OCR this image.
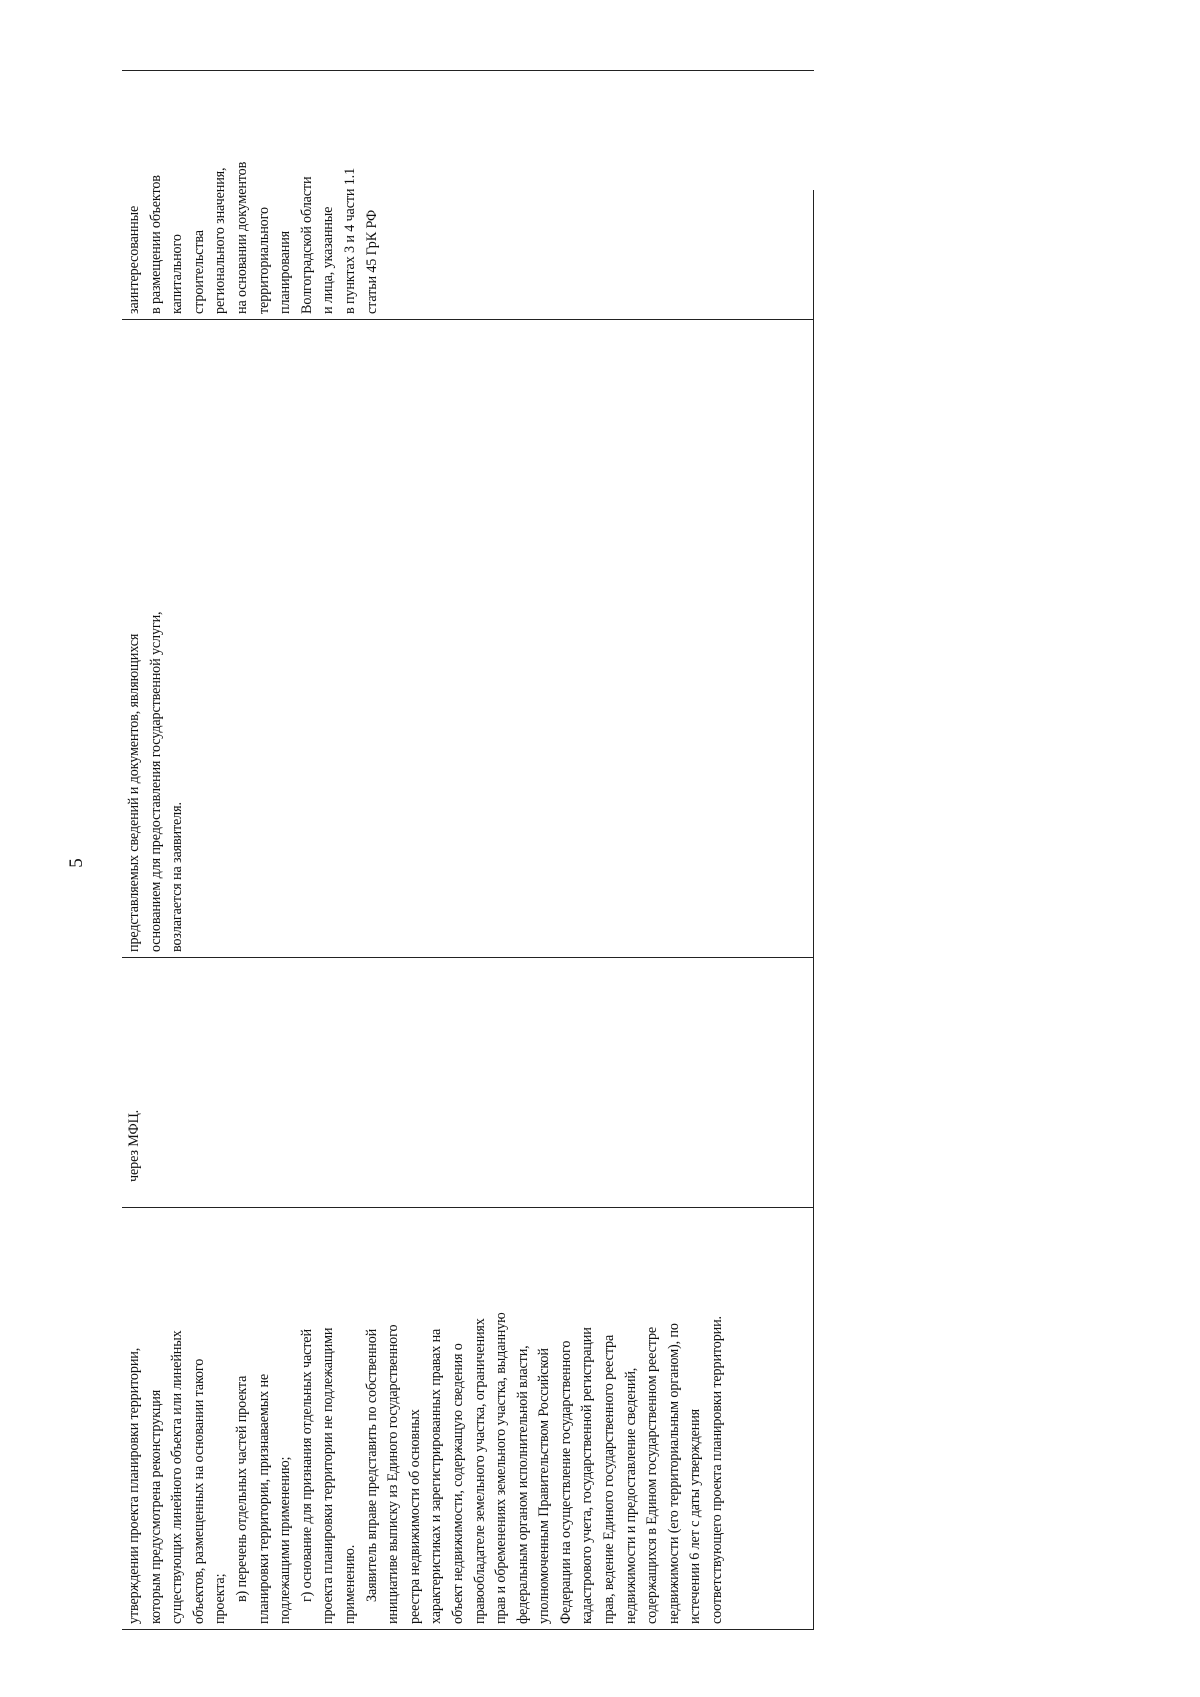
5
утверждении проекта планировки территории, которым предусмотрена реконструкция существующих линейного объекта или линейных объектов, размещенных на основании такого проекта; в) перечень отдельных частей проекта планировки территории, признаваемых не подлежащими применению; г) основание для признания отдельных частей проекта планировки территории не подлежащими применению. Заявитель вправе представить по собственной инициативе выписку из Единого государственного реестра недвижимости об основных характеристиках и зарегистрированных правах на объект недвижимости, содержащую сведения о правообладателе земельного участка, ограничениях прав и обременениях земельного участка, выданную федеральным органом исполнительной власти, уполномоченным Правительством Российской Федерации на осуществление государственного кадастрового учета, государственной регистрации прав, ведение Единого государственного реестра недвижимости и предоставление сведений, содержащихся в Едином государственном реестре недвижимости (его территориальным органом), по истечении 6 лет с даты утверждения соответствующего проекта планировки территории.
через МФЦ.
представляемых сведений и документов, являющихся основанием для предоставления государственной услуги, возлагается на заявителя.
заинтересованные в размещении объектов капитального строительства регионального значения, на основании документов территориального планирования Волгоградской области и лица, указанные в пунктах 3 и 4 части 1.1 статьи 45 ГрК РФ
